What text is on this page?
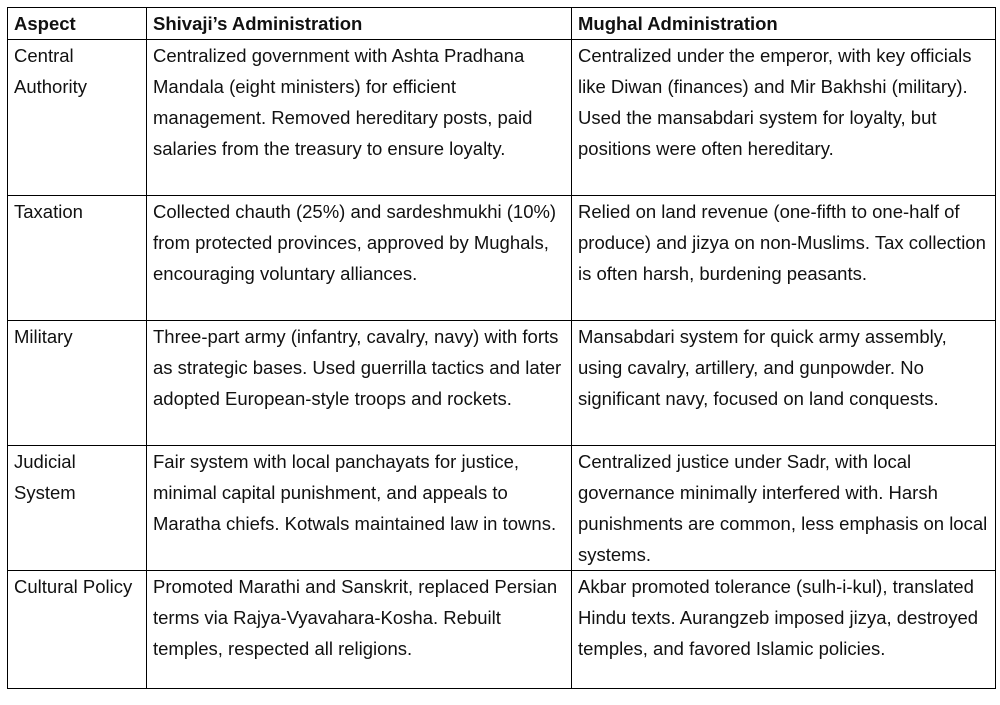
Aspect	Shivaji’s Administration	Mughal Administration
Central Authority	Centralized government with Ashta Pradhana Mandala (eight ministers) for efficient management. Removed hereditary posts, paid salaries from the treasury to ensure loyalty.	Centralized under the emperor, with key officials like Diwan (finances) and Mir Bakhshi (military). Used the mansabdari system for loyalty, but positions were often hereditary.
Taxation	Collected chauth (25%) and sardeshmukhi (10%) from protected provinces, approved by Mughals, encouraging voluntary alliances.	Relied on land revenue (one-fifth to one-half of produce) and jizya on non-Muslims. Tax collection is often harsh, burdening peasants.
Military	Three-part army (infantry, cavalry, navy) with forts as strategic bases. Used guerrilla tactics and later adopted European-style troops and rockets.	Mansabdari system for quick army assembly, using cavalry, artillery, and gunpowder. No significant navy, focused on land conquests.
Judicial System	Fair system with local panchayats for justice, minimal capital punishment, and appeals to Maratha chiefs. Kotwals maintained law in towns.	Centralized justice under Sadr, with local governance minimally interfered with. Harsh punishments are common, less emphasis on local systems.
Cultural Policy	Promoted Marathi and Sanskrit, replaced Persian terms via Rajya-Vyavahara-Kosha. Rebuilt temples, respected all religions.	Akbar promoted tolerance (sulh-i-kul), translated Hindu texts. Aurangzeb imposed jizya, destroyed temples, and favored Islamic policies.
